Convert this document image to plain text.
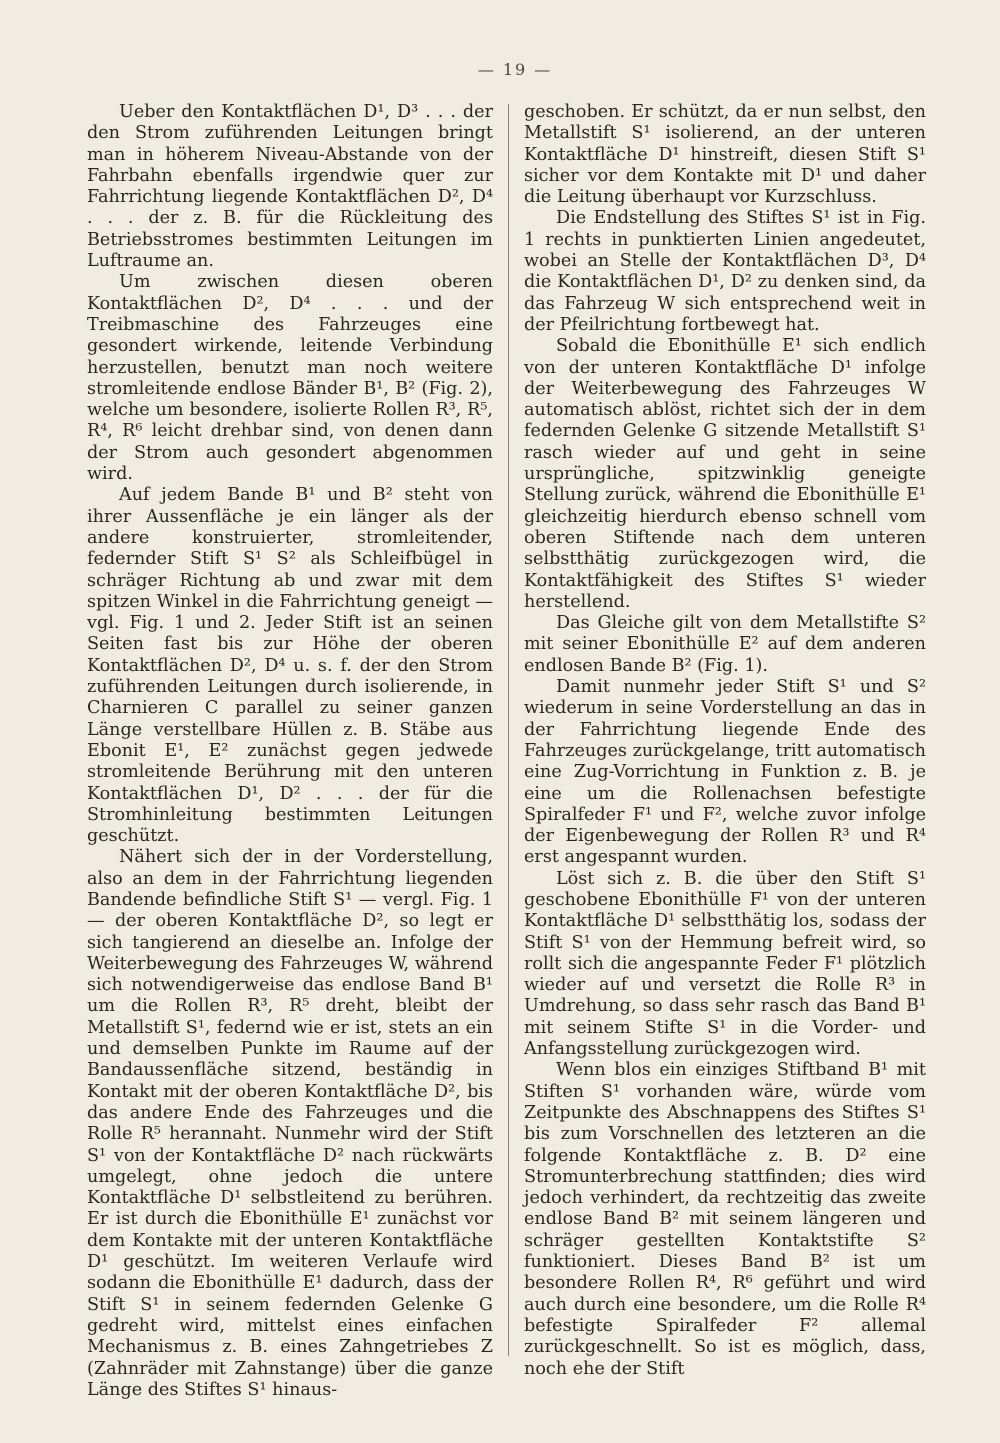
— 19 —

Ueber den Kontaktflächen D¹, D³ . . . der den Strom zuführenden Leitungen bringt man in höherem Niveau-Abstande von der Fahrbahn ebenfalls irgendwie quer zur Fahrrichtung liegende Kontaktflächen D², D⁴ . . . der z. B. für die Rückleitung des Betriebsstromes bestimmten Leitungen im Luftraume an.

Um zwischen diesen oberen Kontaktflächen D², D⁴ . . . und der Treibmaschine des Fahrzeuges eine gesondert wirkende, leitende Verbindung herzustellen, benutzt man noch weitere stromleitende endlose Bänder B¹, B² (Fig. 2), welche um besondere, isolierte Rollen R³, R⁵, R⁴, R⁶ leicht drehbar sind, von denen dann der Strom auch gesondert abgenommen wird.

Auf jedem Bande B¹ und B² steht von ihrer Aussenfläche je ein länger als der andere konstruierter, stromleitender, federnder Stift S¹ S² als Schleifbügel in schräger Richtung ab und zwar mit dem spitzen Winkel in die Fahrrichtung geneigt — vgl. Fig. 1 und 2. Jeder Stift ist an seinen Seiten fast bis zur Höhe der oberen Kontaktflächen D², D⁴ u. s. f. der den Strom zuführenden Leitungen durch isolierende, in Charnieren C parallel zu seiner ganzen Länge verstellbare Hüllen z. B. Stäbe aus Ebonit E¹, E² zunächst gegen jedwede stromleitende Berührung mit den unteren Kontaktflächen D¹, D² . . . der für die Stromhinleitung bestimmten Leitungen geschützt.

Nähert sich der in der Vorderstellung, also an dem in der Fahrrichtung liegenden Bandende befindliche Stift S¹ — vergl. Fig. 1 — der oberen Kontaktfläche D², so legt er sich tangierend an dieselbe an. Infolge der Weiterbewegung des Fahrzeuges W, während sich notwendigerweise das endlose Band B¹ um die Rollen R³, R⁵ dreht, bleibt der Metallstift S¹, federnd wie er ist, stets an ein und demselben Punkte im Raume auf der Bandaussenfläche sitzend, beständig in Kontakt mit der oberen Kontaktfläche D², bis das andere Ende des Fahrzeuges und die Rolle R⁵ herannaht. Nunmehr wird der Stift S¹ von der Kontaktfläche D² nach rückwärts umgelegt, ohne jedoch die untere Kontaktfläche D¹ selbstleitend zu berühren. Er ist durch die Ebonithülle E¹ zunächst vor dem Kontakte mit der unteren Kontaktfläche D¹ geschützt. Im weiteren Verlaufe wird sodann die Ebonithülle E¹ dadurch, dass der Stift S¹ in seinem federnden Gelenke G gedreht wird, mittelst eines einfachen Mechanismus z. B. eines Zahngetriebes Z (Zahnräder mit Zahnstange) über die ganze Länge des Stiftes S¹ hinaus-

geschoben. Er schützt, da er nun selbst, den Metallstift S¹ isolierend, an der unteren Kontaktfläche D¹ hinstreift, diesen Stift S¹ sicher vor dem Kontakte mit D¹ und daher die Leitung überhaupt vor Kurzschluss.

Die Endstellung des Stiftes S¹ ist in Fig. 1 rechts in punktierten Linien angedeutet, wobei an Stelle der Kontaktflächen D³, D⁴ die Kontaktflächen D¹, D² zu denken sind, da das Fahrzeug W sich entsprechend weit in der Pfeilrichtung fortbewegt hat.

Sobald die Ebonithülle E¹ sich endlich von der unteren Kontaktfläche D¹ infolge der Weiterbewegung des Fahrzeuges W automatisch ablöst, richtet sich der in dem federnden Gelenke G sitzende Metallstift S¹ rasch wieder auf und geht in seine ursprüngliche, spitzwinklig geneigte Stellung zurück, während die Ebonithülle E¹ gleichzeitig hierdurch ebenso schnell vom oberen Stiftende nach dem unteren selbstthätig zurückgezogen wird, die Kontaktfähigkeit des Stiftes S¹ wieder herstellend.

Das Gleiche gilt von dem Metallstifte S² mit seiner Ebonithülle E² auf dem anderen endlosen Bande B² (Fig. 1).

Damit nunmehr jeder Stift S¹ und S² wiederum in seine Vorderstellung an das in der Fahrrichtung liegende Ende des Fahrzeuges zurückgelange, tritt automatisch eine Zug-Vorrichtung in Funktion z. B. je eine um die Rollenachsen befestigte Spiralfeder F¹ und F², welche zuvor infolge der Eigenbewegung der Rollen R³ und R⁴ erst angespannt wurden.

Löst sich z. B. die über den Stift S¹ geschobene Ebonithülle F¹ von der unteren Kontaktfläche D¹ selbstthätig los, sodass der Stift S¹ von der Hemmung befreit wird, so rollt sich die angespannte Feder F¹ plötzlich wieder auf und versetzt die Rolle R³ in Umdrehung, so dass sehr rasch das Band B¹ mit seinem Stifte S¹ in die Vorder- und Anfangsstellung zurückgezogen wird.

Wenn blos ein einziges Stiftband B¹ mit Stiften S¹ vorhanden wäre, würde vom Zeitpunkte des Abschnappens des Stiftes S¹ bis zum Vorschnellen des letzteren an die folgende Kontaktfläche z. B. D² eine Stromunterbrechung stattfinden; dies wird jedoch verhindert, da rechtzeitig das zweite endlose Band B² mit seinem längeren und schräger gestellten Kontaktstifte S² funktioniert. Dieses Band B² ist um besondere Rollen R⁴, R⁶ geführt und wird auch durch eine besondere, um die Rolle R⁴ befestigte Spiralfeder F² allemal zurückgeschnellt. So ist es möglich, dass, noch ehe der Stift
